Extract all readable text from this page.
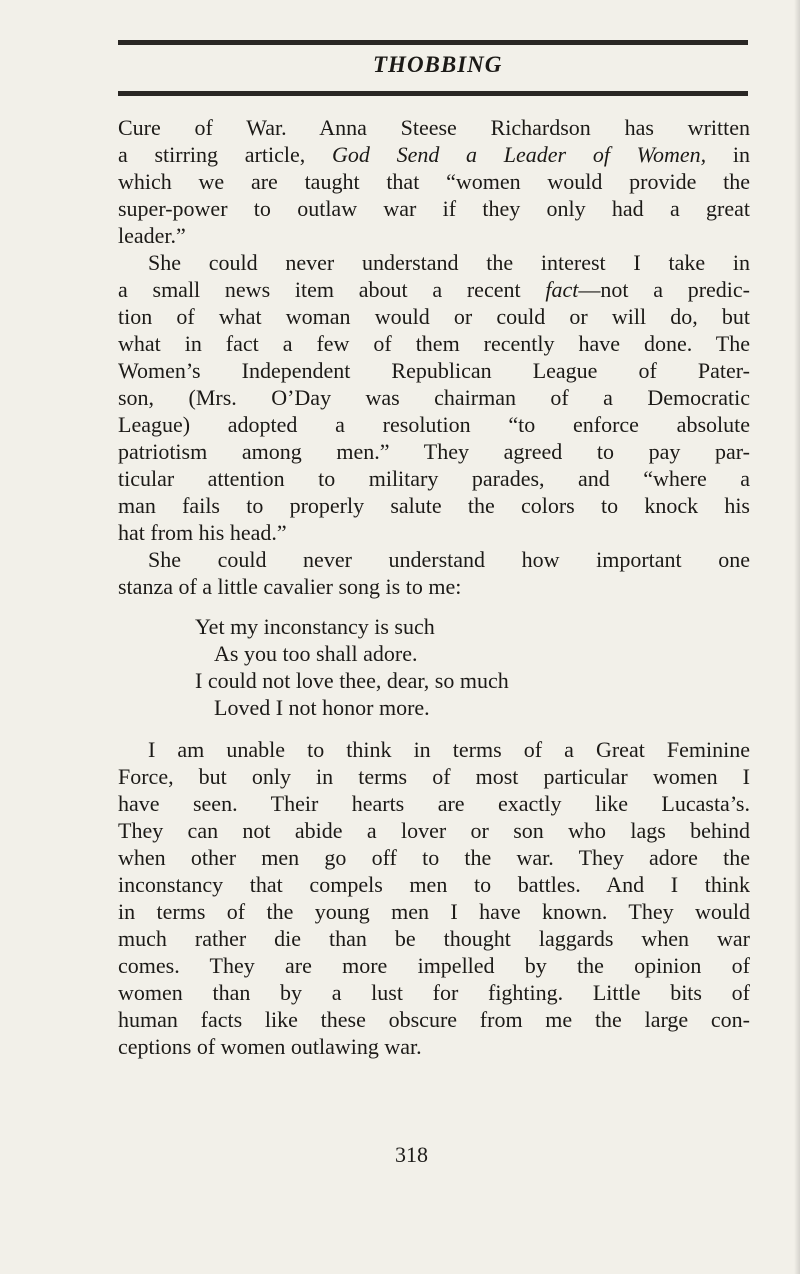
THOBBING
Cure of War. Anna Steese Richardson has written
a stirring article, God Send a Leader of Women, in
which we are taught that “women would provide the
super-power to outlaw war if they only had a great
leader.”
She could never understand the interest I take in
a small news item about a recent fact—not a predic-
tion of what woman would or could or will do, but
what in fact a few of them recently have done. The
Women’s Independent Republican League of Pater-
son, (Mrs. O’Day was chairman of a Democratic
League) adopted a resolution “to enforce absolute
patriotism among men.” They agreed to pay par-
ticular attention to military parades, and “where a
man fails to properly salute the colors to knock his
hat from his head.”
She could never understand how important one
stanza of a little cavalier song is to me:
Yet my inconstancy is such
As you too shall adore.
I could not love thee, dear, so much
Loved I not honor more.
I am unable to think in terms of a Great Feminine
Force, but only in terms of most particular women I
have seen. Their hearts are exactly like Lucasta’s.
They can not abide a lover or son who lags behind
when other men go off to the war. They adore the
inconstancy that compels men to battles. And I think
in terms of the young men I have known. They would
much rather die than be thought laggards when war
comes. They are more impelled by the opinion of
women than by a lust for fighting. Little bits of
human facts like these obscure from me the large con-
ceptions of women outlawing war.
318
